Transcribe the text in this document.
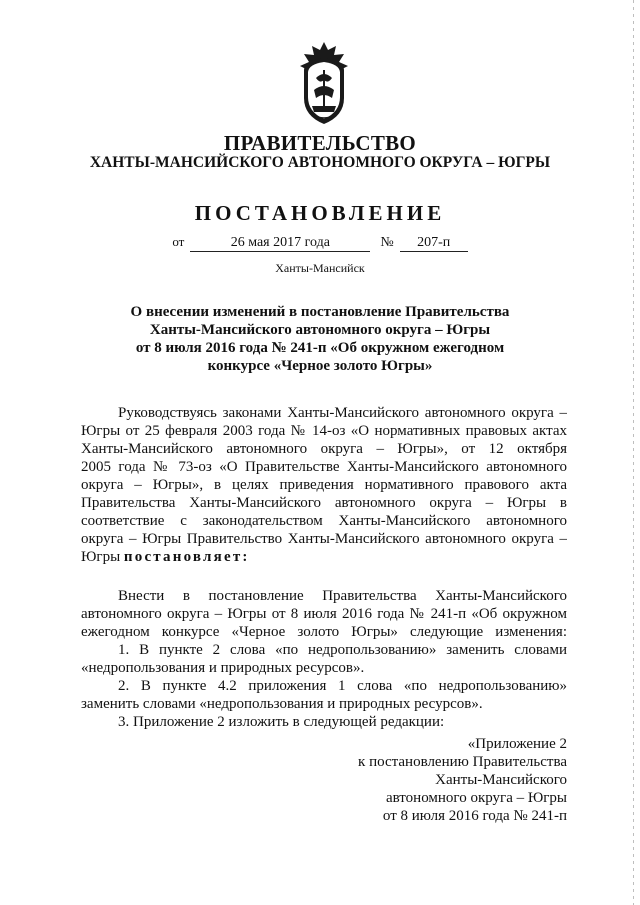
ПРАВИТЕЛЬСТВО
ХАНТЫ-МАНСИЙСКОГО АВТОНОМНОГО ОКРУГА – ЮГРЫ
ПОСТАНОВЛЕНИЕ
от	26 мая 2017 года	№	207-п
Ханты-Мансийск
О внесении изменений в постановление Правительства
Ханты-Мансийского автономного округа – Югры
от 8 июля 2016 года № 241-п «Об окружном ежегодном
конкурсе «Черное золото Югры»
Руководствуясь законами Ханты-Мансийского автономного округа –
Югры от 25 февраля 2003 года № 14-оз «О нормативных правовых актах
Ханты-Мансийского автономного округа – Югры», от 12 октября
2005 года № 73-оз «О Правительстве Ханты-Мансийского автономного
округа – Югры», в целях приведения нормативного правового акта
Правительства Ханты-Мансийского автономного округа – Югры в
соответствие с законодательством Ханты-Мансийского автономного
округа – Югры Правительство Ханты-Мансийского автономного округа –
Югры постановляет:
Внести в постановление Правительства Ханты-Мансийского
автономного округа – Югры от 8 июля 2016 года № 241-п «Об окружном
ежегодном конкурсе «Черное золото Югры» следующие изменения:
1. В пункте 2 слова «по недропользованию» заменить словами
«недропользования и природных ресурсов».
2. В пункте 4.2 приложения 1 слова «по недропользованию»
заменить словами «недропользования и природных ресурсов».
3. Приложение 2 изложить в следующей редакции:
«Приложение 2
к постановлению Правительства
Ханты-Мансийского
автономного округа – Югры
от 8 июля 2016 года № 241-п
